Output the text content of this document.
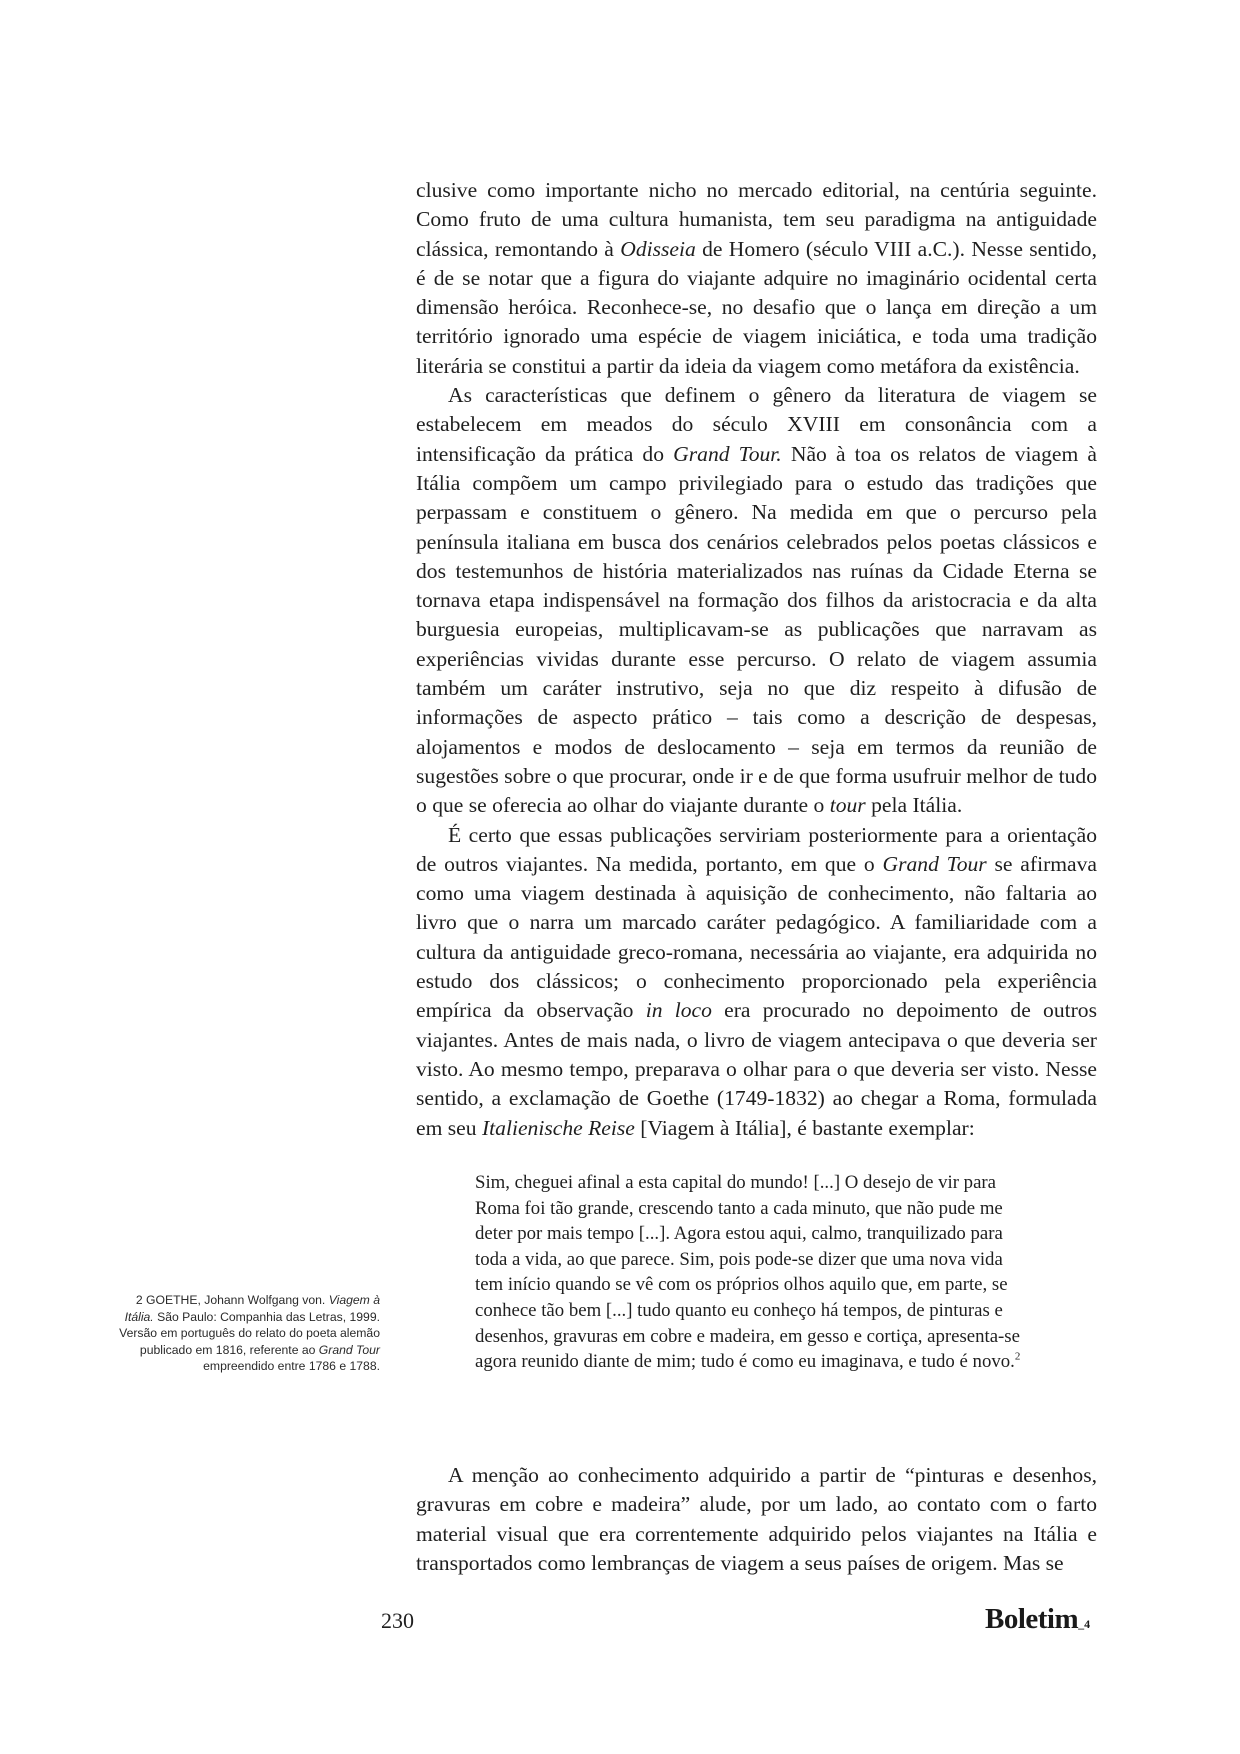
clusive como importante nicho no mercado editorial, na centúria seguinte. Como fruto de uma cultura humanista, tem seu paradigma na antiguidade clássica, remontando à Odisseia de Homero (século VIII a.C.). Nesse sentido, é de se notar que a figura do viajante adquire no imaginário ocidental certa dimensão heróica. Reconhece-se, no desafio que o lança em direção a um território ignorado uma espécie de viagem iniciática, e toda uma tradição literária se constitui a partir da ideia da viagem como metáfora da existência.

As características que definem o gênero da literatura de viagem se estabelecem em meados do século XVIII em consonância com a intensificação da prática do Grand Tour. Não à toa os relatos de viagem à Itália compõem um campo privilegiado para o estudo das tradições que perpassam e constituem o gênero. Na medida em que o percurso pela península italiana em busca dos cenários celebrados pelos poetas clássicos e dos testemunhos de história materializados nas ruínas da Cidade Eterna se tornava etapa indispensável na formação dos filhos da aristocracia e da alta burguesia europeias, multiplicavam-se as publicações que narravam as experiências vividas durante esse percurso. O relato de viagem assumia também um caráter instrutivo, seja no que diz respeito à difusão de informações de aspecto prático – tais como a descrição de despesas, alojamentos e modos de deslocamento – seja em termos da reunião de sugestões sobre o que procurar, onde ir e de que forma usufruir melhor de tudo o que se oferecia ao olhar do viajante durante o tour pela Itália.

É certo que essas publicações serviriam posteriormente para a orientação de outros viajantes. Na medida, portanto, em que o Grand Tour se afirmava como uma viagem destinada à aquisição de conhecimento, não faltaria ao livro que o narra um marcado caráter pedagógico. A familiaridade com a cultura da antiguidade greco-romana, necessária ao viajante, era adquirida no estudo dos clássicos; o conhecimento proporcionado pela experiência empírica da observação in loco era procurado no depoimento de outros viajantes. Antes de mais nada, o livro de viagem antecipava o que deveria ser visto. Ao mesmo tempo, preparava o olhar para o que deveria ser visto. Nesse sentido, a exclamação de Goethe (1749-1832) ao chegar a Roma, formulada em seu Italienische Reise [Viagem à Itália], é bastante exemplar:

Sim, cheguei afinal a esta capital do mundo! [...] O desejo de vir para Roma foi tão grande, crescendo tanto a cada minuto, que não pude me deter por mais tempo [...]. Agora estou aqui, calmo, tranquilizado para toda a vida, ao que parece. Sim, pois pode-se dizer que uma nova vida tem início quando se vê com os próprios olhos aquilo que, em parte, se conhece tão bem [...] tudo quanto eu conheço há tempos, de pinturas e desenhos, gravuras em cobre e madeira, em gesso e cortiça, apresenta-se agora reunido diante de mim; tudo é como eu imaginava, e tudo é novo.$^2$
2 GOETHE, Johann Wolfgang von. Viagem à Itália. São Paulo: Companhia das Letras, 1999. Versão em português do relato do poeta alemão publicado em 1816, referente ao Grand Tour empreendido entre 1786 e 1788.

A menção ao conhecimento adquirido a partir de “pinturas e desenhos, gravuras em cobre e madeira” alude, por um lado, ao contato com o farto material visual que era correntemente adquirido pelos viajantes na Itália e transportados como lembranças de viagem a seus países de origem. Mas se

230	Boletim_4
